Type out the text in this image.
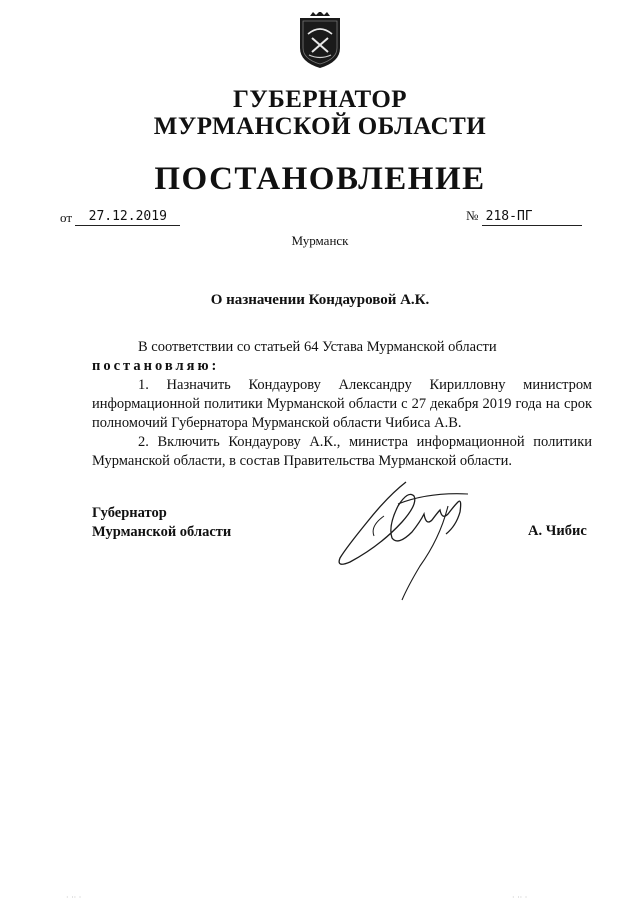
ГУБЕРНАТОР
МУРМАНСКОЙ ОБЛАСТИ
ПОСТАНОВЛЕНИЕ
от 27.12.2019	№ 218-ПГ
Мурманск
О назначении Кондауровой А.К.

В соответствии со статьей 64 Устава Мурманской области

постановляю:

1. Назначить Кондаурову Александру Кирилловну министром информационной политики Мурманской области с 27 декабря 2019 года на срок полномочий Губернатора Мурманской области Чибиса А.В.

2. Включить Кондаурову А.К., министра информационной политики Мурманской области, в состав Правительства Мурманской области.

Губернатор
Мурманской области	А. Чибис
· ·· ·	· ·· ·
